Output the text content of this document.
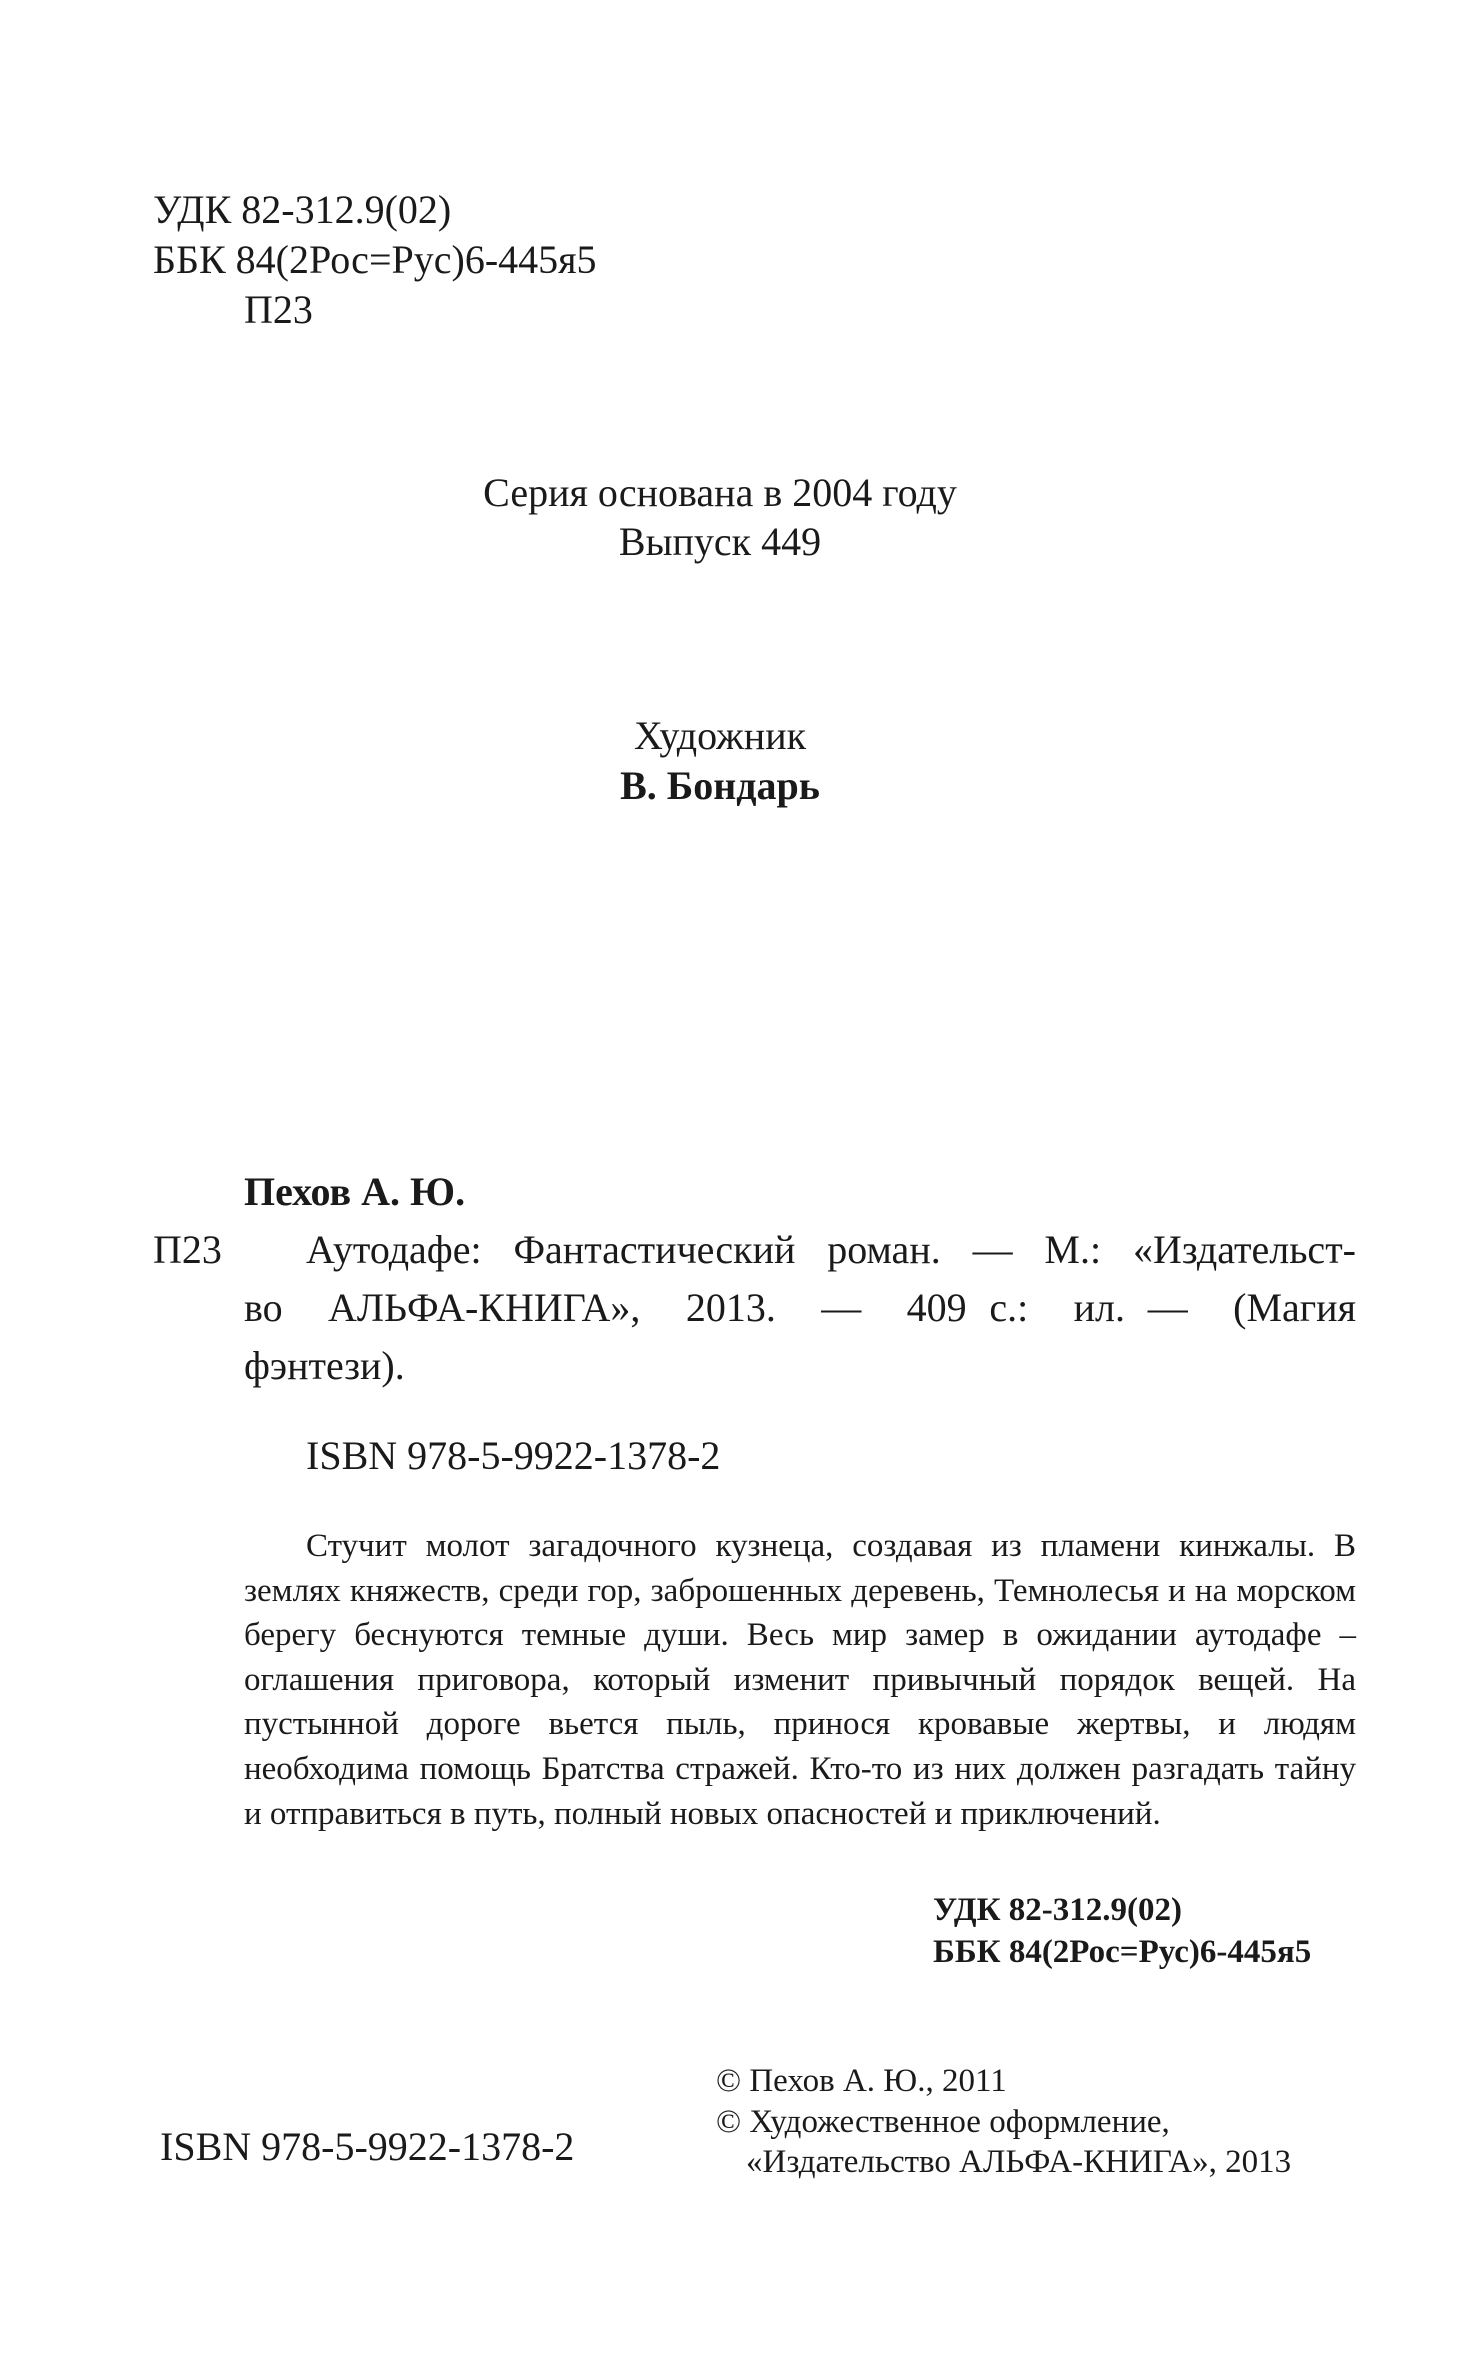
УДК 82-312.9(02)
ББК 84(2Рос=Рус)6-445я5
П23
Серия основана в 2004 году
Выпуск 449
Художник
В. Бондарь
Пехов А. Ю.
П23 Аутодафе: Фантастический роман. — М.: «Издательст-
во  АЛЬФА-КНИГА»,  2013.  —  409 с.:  ил. —  (Магия
фэнтези).
ISBN 978-5-9922-1378-2
Стучит молот загадочного кузнеца, создавая из пламени кинжалы. В землях княжеств, среди гор, заброшенных деревень, Темнолесья и на морском берегу беснуются темные души. Весь мир замер в ожидании аутодафе – оглашения приговора, который изменит привычный порядок вещей. На пустынной дороге вьется пыль, принося кровавые жертвы, и людям необходима помощь Братства стражей. Кто-то из них должен разгадать тайну и отправиться в путь, полный новых опасностей и приключений.
УДК 82-312.9(02)
ББК 84(2Рос=Рус)6-445я5
ISBN 978-5-9922-1378-2
© Пехов А. Ю., 2011
© Художественное оформление,
«Издательство АЛЬФА-КНИГА», 2013
